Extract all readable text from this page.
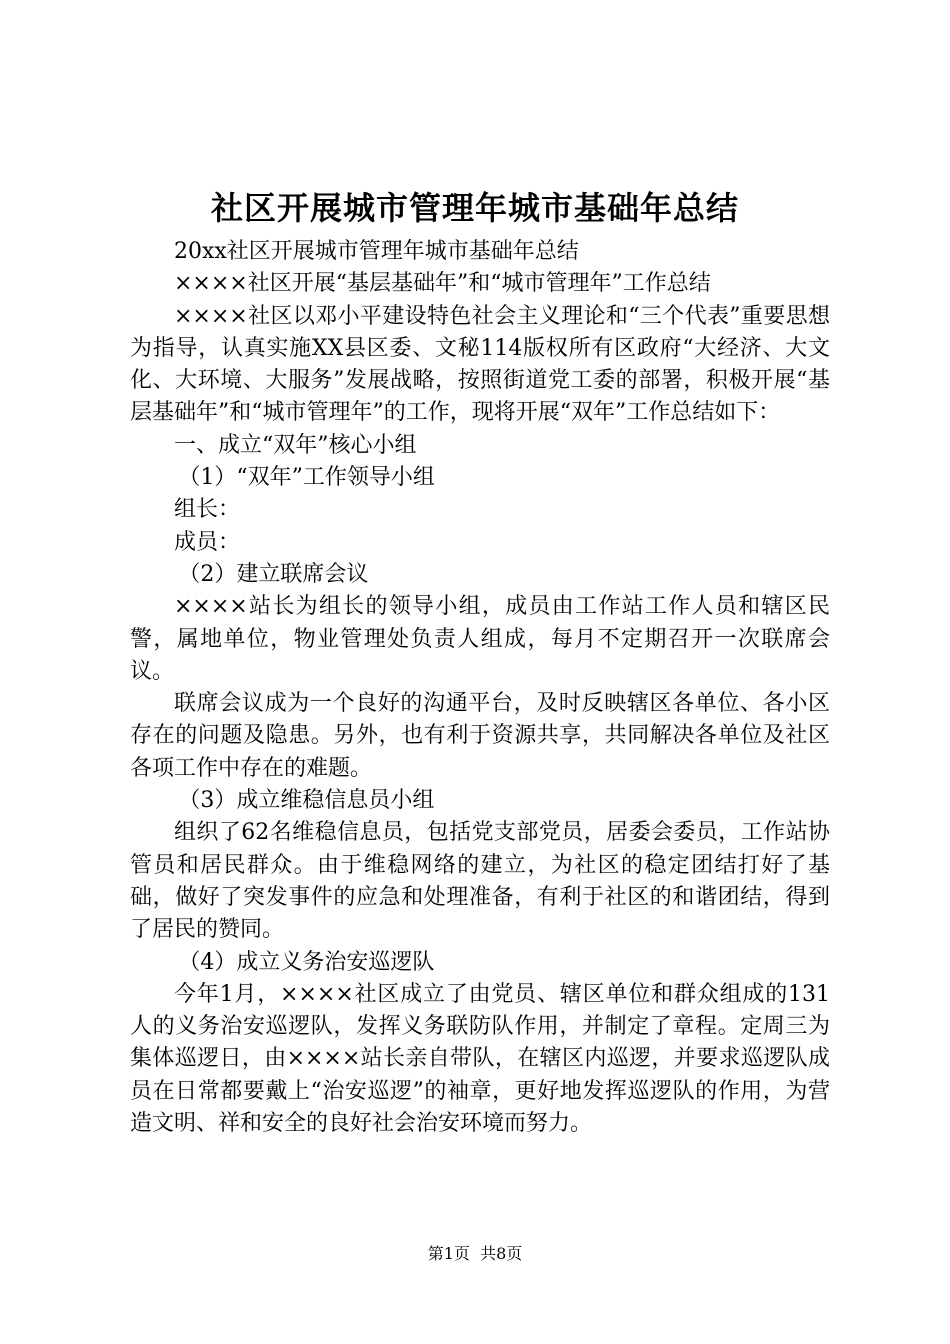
社区开展城市管理年城市基础年总结

20xx社区开展城市管理年城市基础年总结

××××社区开展“基层基础年”和“城市管理年”工作总结

××××社区以邓小平建设特色社会主义理论和“三个代表”重要思想为指导，认真实施XX县区委、文秘114版权所有区政府“大经济、大文化、大环境、大服务”发展战略，按照街道党工委的部署，积极开展“基层基础年”和“城市管理年”的工作，现将开展“双年”工作总结如下：

一、成立“双年”核心小组

（1）“双年”工作领导小组

组长：

成员：

（2）建立联席会议

××××站长为组长的领导小组，成员由工作站工作人员和辖区民警，属地单位，物业管理处负责人组成，每月不定期召开一次联席会议。

联席会议成为一个良好的沟通平台，及时反映辖区各单位、各小区存在的问题及隐患。另外，也有利于资源共享，共同解决各单位及社区各项工作中存在的难题。

（3）成立维稳信息员小组

组织了62名维稳信息员，包括党支部党员，居委会委员，工作站协管员和居民群众。由于维稳网络的建立，为社区的稳定团结打好了基础，做好了突发事件的应急和处理准备，有利于社区的和谐团结，得到了居民的赞同。

（4）成立义务治安巡逻队

今年1月，××××社区成立了由党员、辖区单位和群众组成的131人的义务治安巡逻队，发挥义务联防队作用，并制定了章程。定周三为集体巡逻日，由××××站长亲自带队，在辖区内巡逻，并要求巡逻队成员在日常都要戴上“治安巡逻”的袖章，更好地发挥巡逻队的作用，为营造文明、祥和安全的良好社会治安环境而努力。

第1页  共8页
